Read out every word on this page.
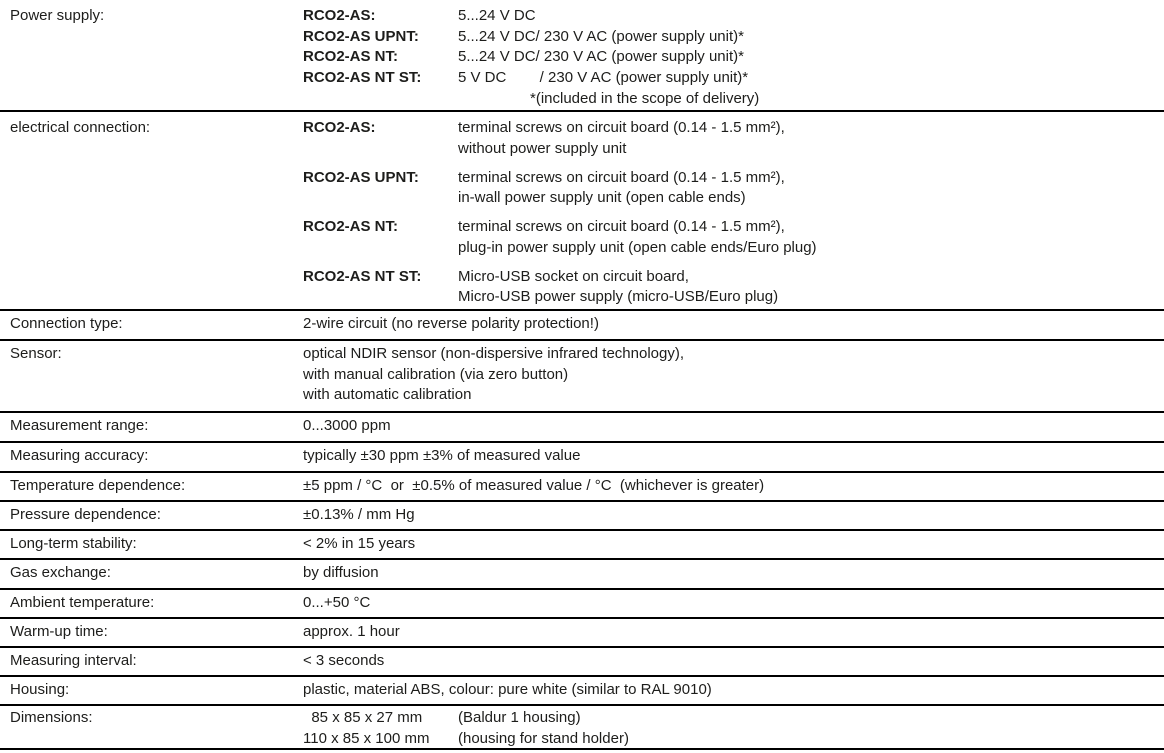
Power supply:	RCO2-AS:	5...24 V DC
RCO2-AS UPNT:	5...24 V DC/ 230 V AC (power supply unit)*
RCO2-AS NT:	5...24 V DC/ 230 V AC (power supply unit)*
RCO2-AS NT ST:	5 V DC        / 230 V AC (power supply unit)*
*(included in the scope of delivery)
electrical connection:	RCO2-AS:	terminal screws on circuit board (0.14 - 1.5 mm²),
without power supply unit
RCO2-AS UPNT:	terminal screws on circuit board (0.14 - 1.5 mm²),
in-wall power supply unit (open cable ends)
RCO2-AS NT:	terminal screws on circuit board (0.14 - 1.5 mm²),
plug-in power supply unit (open cable ends/Euro plug)
RCO2-AS NT ST:	Micro-USB socket on circuit board,
Micro-USB power supply (micro-USB/Euro plug)
Connection type:	2-wire circuit (no reverse polarity protection!)
Sensor:	optical NDIR sensor (non-dispersive infrared technology),
with manual calibration (via zero button)
with automatic calibration
Measurement range:	0...3000 ppm
Measuring accuracy:	typically ±30 ppm ±3% of measured value
Temperature dependence:	±5 ppm / °C  or  ±0.5% of measured value / °C  (whichever is greater)
Pressure dependence:	±0.13% / mm Hg
Long-term stability:	< 2% in 15 years
Gas exchange:	by diffusion
Ambient temperature:	0...+50 °C
Warm-up time:	approx. 1 hour
Measuring interval:	< 3 seconds
Housing:	plastic, material ABS, colour: pure white (similar to RAL 9010)
Dimensions:	85 x 85 x 27 mm	(Baldur 1 housing)
110 x 85 x 100 mm	(housing for stand holder)
